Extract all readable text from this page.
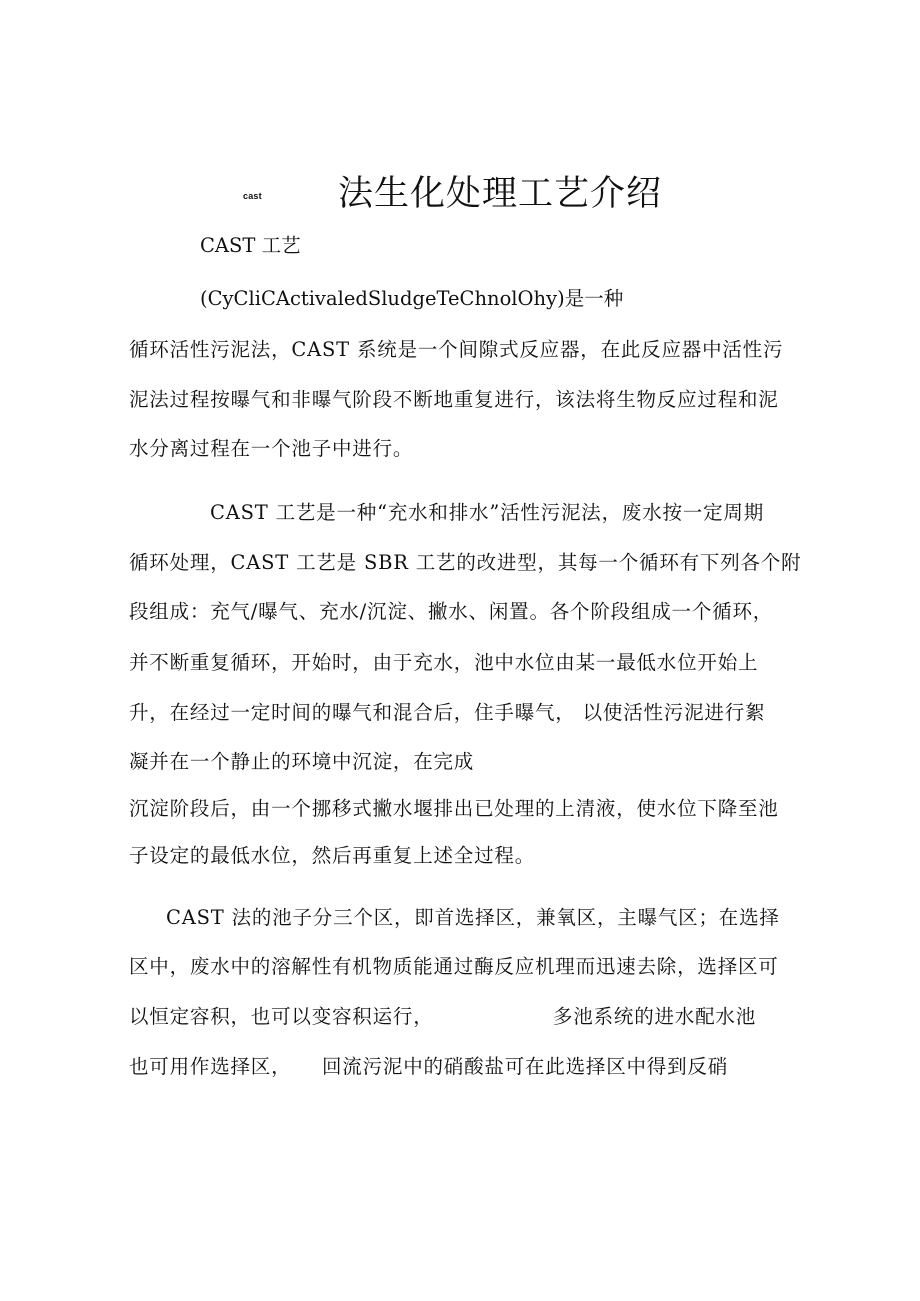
cast 法生化处理工艺介绍
CAST 工艺
(CyCliCActivaledSludgeTeChnolOhy)是一种
循环活性污泥法，CAST 系统是一个间隙式反应器，在此反应器中活性污
泥法过程按曝气和非曝气阶段不断地重复进行，该法将生物反应过程和泥
水分离过程在一个池子中进行。
CAST 工艺是一种“充水和排水”活性污泥法，废水按一定周期
循环处理，CAST 工艺是 SBR 工艺的改进型，其每一个循环有下列各个附
段组成：充气/曝气、充水/沉淀、撇水、闲置。各个阶段组成一个循环，
并不断重复循环，开始时，由于充水，池中水位由某一最低水位开始上
升，在经过一定时间的曝气和混合后，住手曝气， 以使活性污泥进行絮
凝并在一个静止的环境中沉淀，在完成
沉淀阶段后，由一个挪移式撇水堰排出已处理的上清液，使水位下降至池
子设定的最低水位，然后再重复上述全过程。
CAST 法的池子分三个区，即首选择区，兼氧区，主曝气区；在选择
区中，废水中的溶解性有机物质能通过酶反应机理而迅速去除，选择区可
以恒定容积，也可以变容积运行，	多池系统的进水配水池
也可用作选择区， 回流污泥中的硝酸盐可在此选择区中得到反硝
